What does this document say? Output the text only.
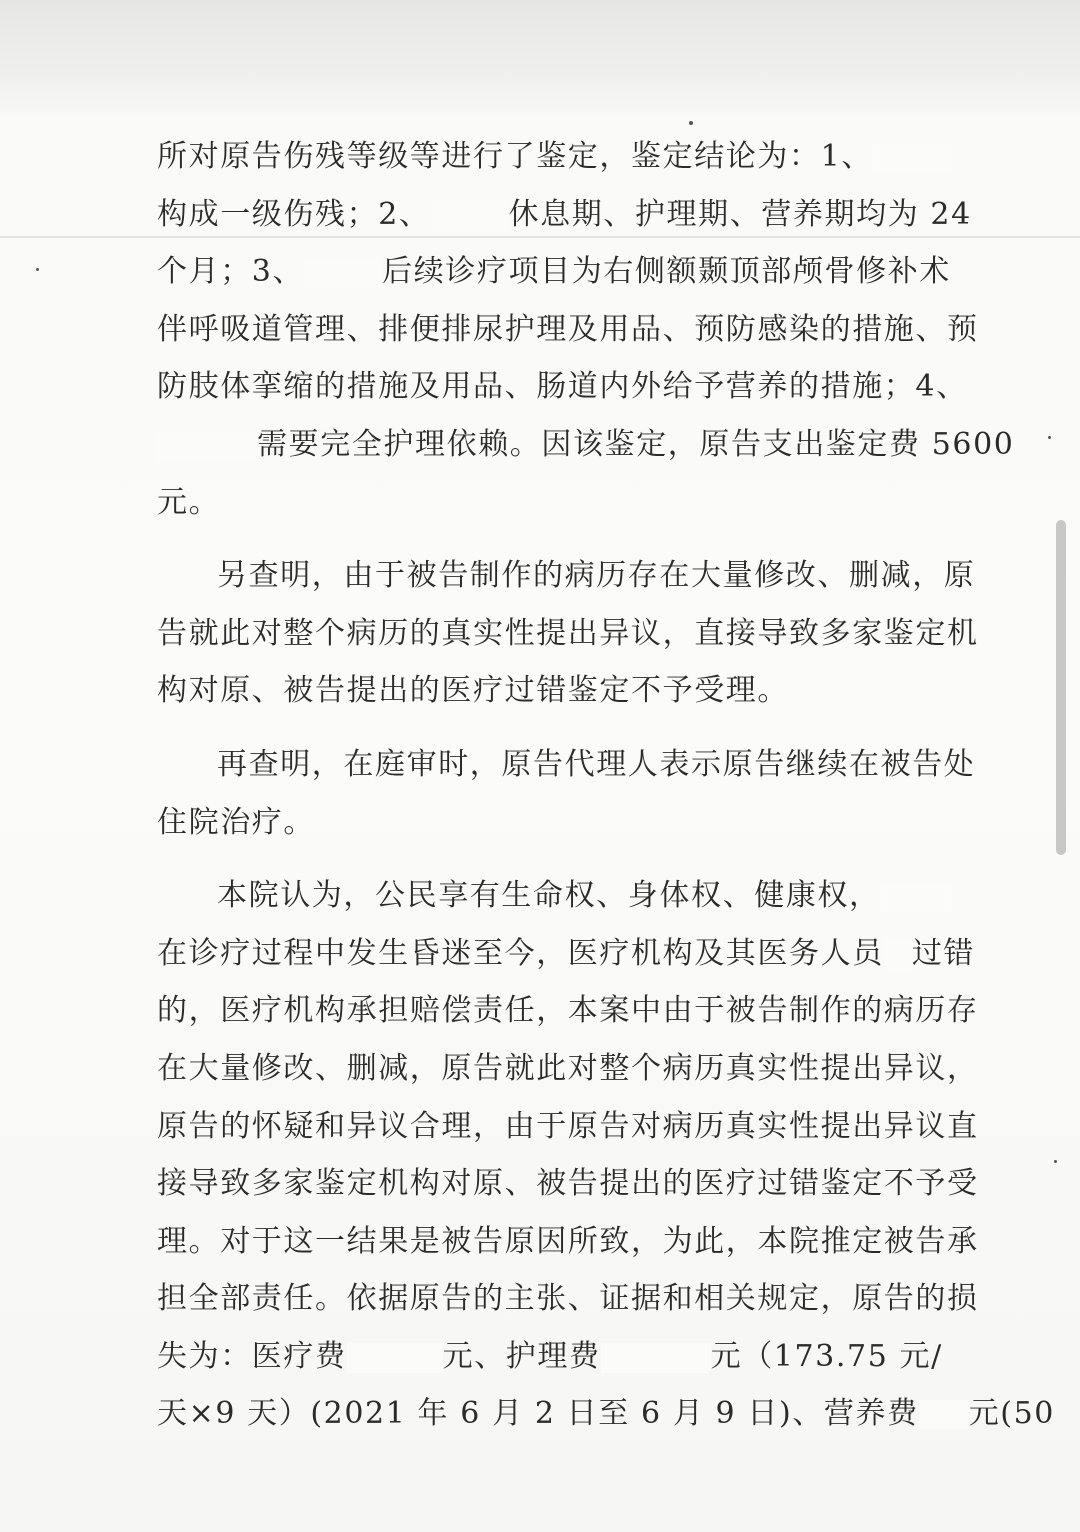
所对原告伤残等级等进行了鉴定，鉴定结论为：1、
构成一级伤残；2、	休息期、护理期、营养期均为 24
个月；3、	后续诊疗项目为右侧额颞顶部颅骨修补术
伴呼吸道管理、排便排尿护理及用品、预防感染的措施、预
防肢体挛缩的措施及用品、肠道内外给予营养的措施；4、
需要完全护理依赖。因该鉴定，原告支出鉴定费 5600
元。
另查明，由于被告制作的病历存在大量修改、删减，原
告就此对整个病历的真实性提出异议，直接导致多家鉴定机
构对原、被告提出的医疗过错鉴定不予受理。
再查明，在庭审时，原告代理人表示原告继续在被告处
住院治疗。
本院认为，公民享有生命权、身体权、健康权，
在诊疗过程中发生昏迷至今，医疗机构及其医务人员 过错
的，医疗机构承担赔偿责任，本案中由于被告制作的病历存
在大量修改、删减，原告就此对整个病历真实性提出异议，
原告的怀疑和异议合理，由于原告对病历真实性提出异议直
接导致多家鉴定机构对原、被告提出的医疗过错鉴定不予受
理。对于这一结果是被告原因所致，为此，本院推定被告承
担全部责任。依据原告的主张、证据和相关规定，原告的损
失为：医疗费	元、护理费	元（173.75 元/
天×9 天）(2021 年 6 月 2 日至 6 月 9 日)、营养费 元(50
